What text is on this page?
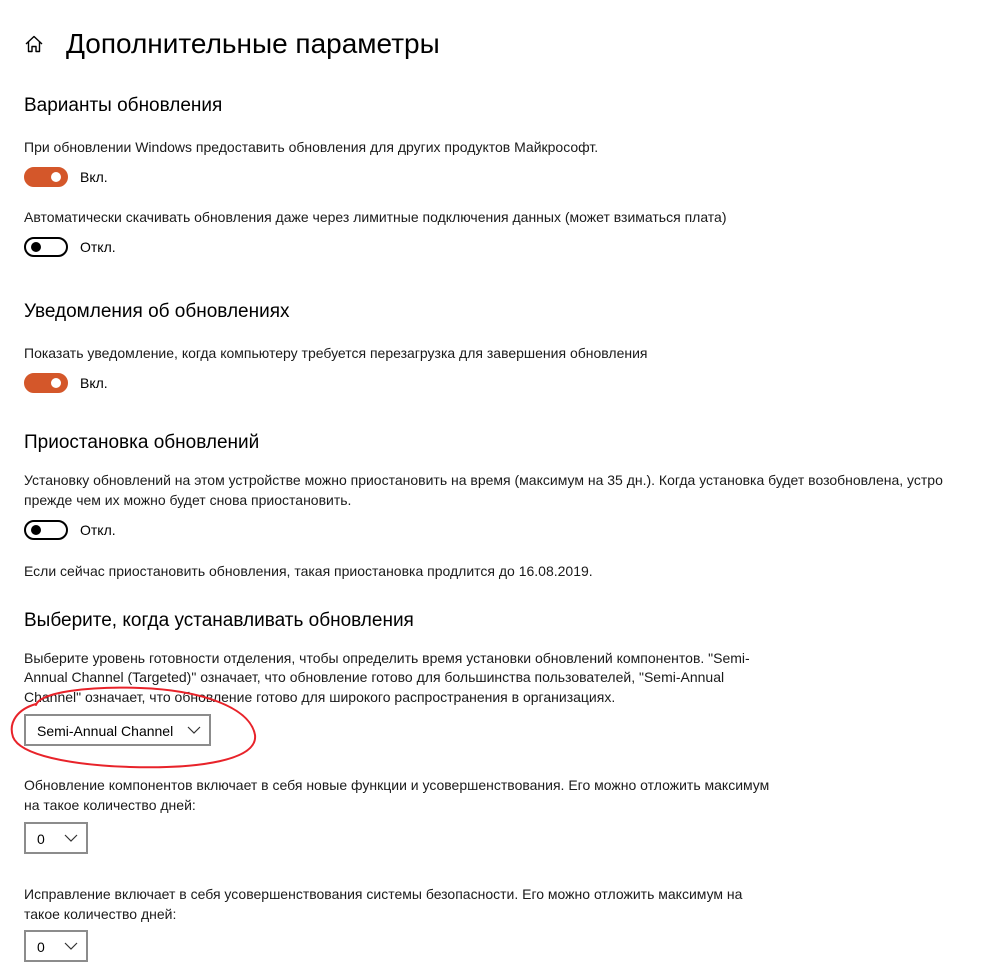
Дополнительные параметры
Варианты обновления
При обновлении Windows предоставить обновления для других продуктов Майкрософт.
Вкл.
Автоматически скачивать обновления даже через лимитные подключения данных (может взиматься плата)
Откл.
Уведомления об обновлениях
Показать уведомление, когда компьютеру требуется перезагрузка для завершения обновления
Вкл.
Приостановка обновлений
Установку обновлений на этом устройстве можно приостановить на время (максимум на 35 дн.). Когда установка будет возобновлена, устро
прежде чем их можно будет снова приостановить.
Откл.
Если сейчас приостановить обновления, такая приостановка продлится до 16.08.2019.
Выберите, когда устанавливать обновления
Выберите уровень готовности отделения, чтобы определить время установки обновлений компонентов. "Semi-
Annual Channel (Targeted)" означает, что обновление готово для большинства пользователей, "Semi-Annual
Channel" означает, что обновление готово для широкого распространения в организациях.
Semi-Annual Channel
Обновление компонентов включает в себя новые функции и усовершенствования. Его можно отложить максимум
на такое количество дней:
0
Исправление включает в себя усовершенствования системы безопасности. Его можно отложить максимум на
такое количество дней:
0
